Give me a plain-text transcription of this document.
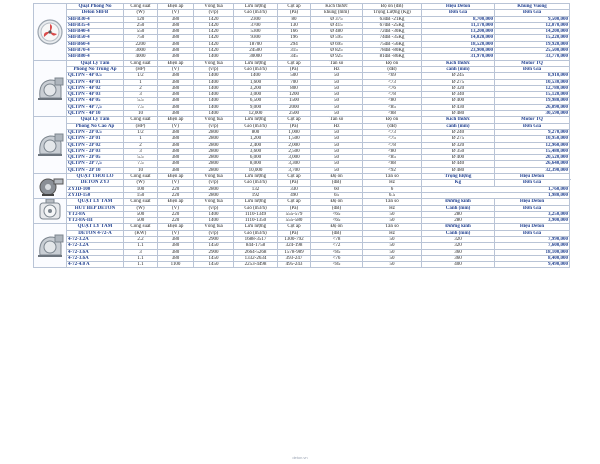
	Quạt Phòng Nổ	Công suất	Điện áp	Vòng tua	Lưu lượng	Cột áp	Kích thước	Bộ ồn (dB)	Hiệu Deton	Khung Vuông
	Deton SBFB	(W)	(V)	(v/p)	Gió (m3/h)	(Pa)	khung (mm)	Trọng Lượng (Kg)	Đơn Giá	Đơn Giá
	SBFB30-4	120	380	1420	2300	80	Ø 375	63dB -21Kg	8,700,000	9,500,000
	SBFB35-4	250	380	1420	3700	130	Ø 415	67dB -25Kg	11,170,000	12,070,000
	SBFB40-4	550	380	1420	5300	166	Ø 480	72dB -30Kg	13,200,000	14,200,000
	SBFB50-4	750	380	1420	9300	196	Ø 595	74dB -35Kg	14,020,000	15,220,000
	SBFB60-4	2200	380	1420	18700	294	Ø 695	75dB -56Kg	18,520,000	19,920,000
	SBFB70-4	3000	380	1420	24500	315	Ø 825	78dB -80Kg	23,900,000	25,500,000
	SBFB80-4	4000	380	1400	30000	345	Ø 925	81dB -86Kg	31,970,000	33,770,000

	Quạt Ly Tâm	Công suất	Điện áp	Vòng tua	Lưu lượng	Cột áp	Tần số	Độ ồn	Kích thước	Motor TQ
	Phòng Nổ Trung Áp	(HP)	(V)	(v/p)	Gió (m3/h)	(Pa)	Hz	(dB)	cánh (mm)	Đơn Giá
	QLTPN - 4P 0.5	1/2	380	1400	1400	500	50	<69	Ø 245	8,910,000
	QLTPN - 4P 01	1	380	1400	1,600	700	50	<73	Ø 275	10,530,000
	QLTPN - 4P 02	2	380	1400	3,200	800	50	<76	Ø 320	12,780,000
	QLTPN - 4P 03	3	380	1400	3,000	1200	50	<78	Ø 340	15,120,000
	QLTPN - 4P 05	5.5	380	1400	6,500	1500	50	<80	Ø 400	19,980,000
	QLTPN - 4P 7,5	7.5	380	1400	9,000	2000	50	<85	Ø 430	26,090,000
	QLTPN - 4P 10	10	380	1400	12,000	2500	50	<88	Ø 480	30,590,000

	Quạt Ly Tâm	Công suất	Điện áp	Vòng tua	Lưu lượng	Cột áp	Tần số	Độ ồn	Kích thước	Motor TQ
	Phòng Nổ Cao Áp	(HP)	(V)	(v/p)	Gió (m3/h)	(Pa)	Hz	(dB)	cánh (mm)	Đơn Giá
	QLTPN - 2P 0.5	1/2	380	2800	800	1,000	50	<73	Ø 240	9,270,000
	QLTPN - 2P 01	1	380	2800	1,200	1,500	50	<75	Ø 275	10,950,000
	QLTPN - 2P 02	2	380	2800	2,400	2,000	50	<78	Ø 320	12,960,000
	QLTPN - 2P 03	3	380	2800	3,600	2,500	50	<80	Ø 350	15,480,000
	QLTPN - 2P 05	5.5	380	2800	6,000	3,000	50	<85	Ø 400	20,520,000
	QLTPN - 2P 7,5	7.5	380	2800	8,000	3,300	50	<88	Ø 440	26,640,000
	QLTPN - 2P 10	10	380	2800	10,000	3,700	50	<92	Ø 480	32,390,000

	QUẠT THỔI LÒ	Công suất	Điện áp	Vòng tua	Lưu lượng	Cột áp	Độ ồn	Tần số	Trọng lượng	Hiệu Deton
	DETON ZYJ	(W)	(V)	(v/p)	Gió (m3/h)	(Pa)	(dB)	Hz	Kg	Đơn Giá
	ZYJD-100	100	220	2800	132	330	60	6	1,760,000	
	ZYJD-150	150	220	2800	192	490	65	6.5	1,980,000	

	QUẠT LY TÂM	Công suất	Điện áp	Vòng tua	Lưu lượng	Cột áp	Độ ồn	Tần số	Đường kính	Hiệu Deton
	HÚT BẾP DETON	(W)	(V)	(v/p)	Gió (m3/h)	(Pa)	(dB)	Hz	Cánh (mm)	Đơn Giá
	YT2-8A	500	220	1400	1110-1349	555-579	<65	50	280	3,250,000
	YT2-8A-III	500	220	1400	1110-1350	555-580	<65	50	280	3,900,000

	QUẠT LY TÂM	Công suất	Điện áp	Vòng tua	Lưu lượng	Cột áp	Độ ồn	Tần số	Đường kính	Hiệu Deton
	DETON 4-72-A	(KW)	(V)	(v/p)	Gió (m3/h)	(Pa)	(dB)	Hz	Cánh (mm)	Đơn Giá
	4-72-3.2A	2.2	380	2900	1688-3517	1300-792	<78	50	320	7,990,000
	4-72-3.2A	1.1	380	1450	844-1758	324-198	<72	50	320	7,600,000
	4-72-3.6A	3	380	2900	2664-5268	1578-989	<85	50	360	18,100,000
	4-72-3.6A	1.1	380	1450	1332-2634	393-247	<76	50	360	8,400,000
	4-72-4.0 A	1.1	1100	1450	2253-4498	495-243	<85	50	400	9,490,000
deton.vn
